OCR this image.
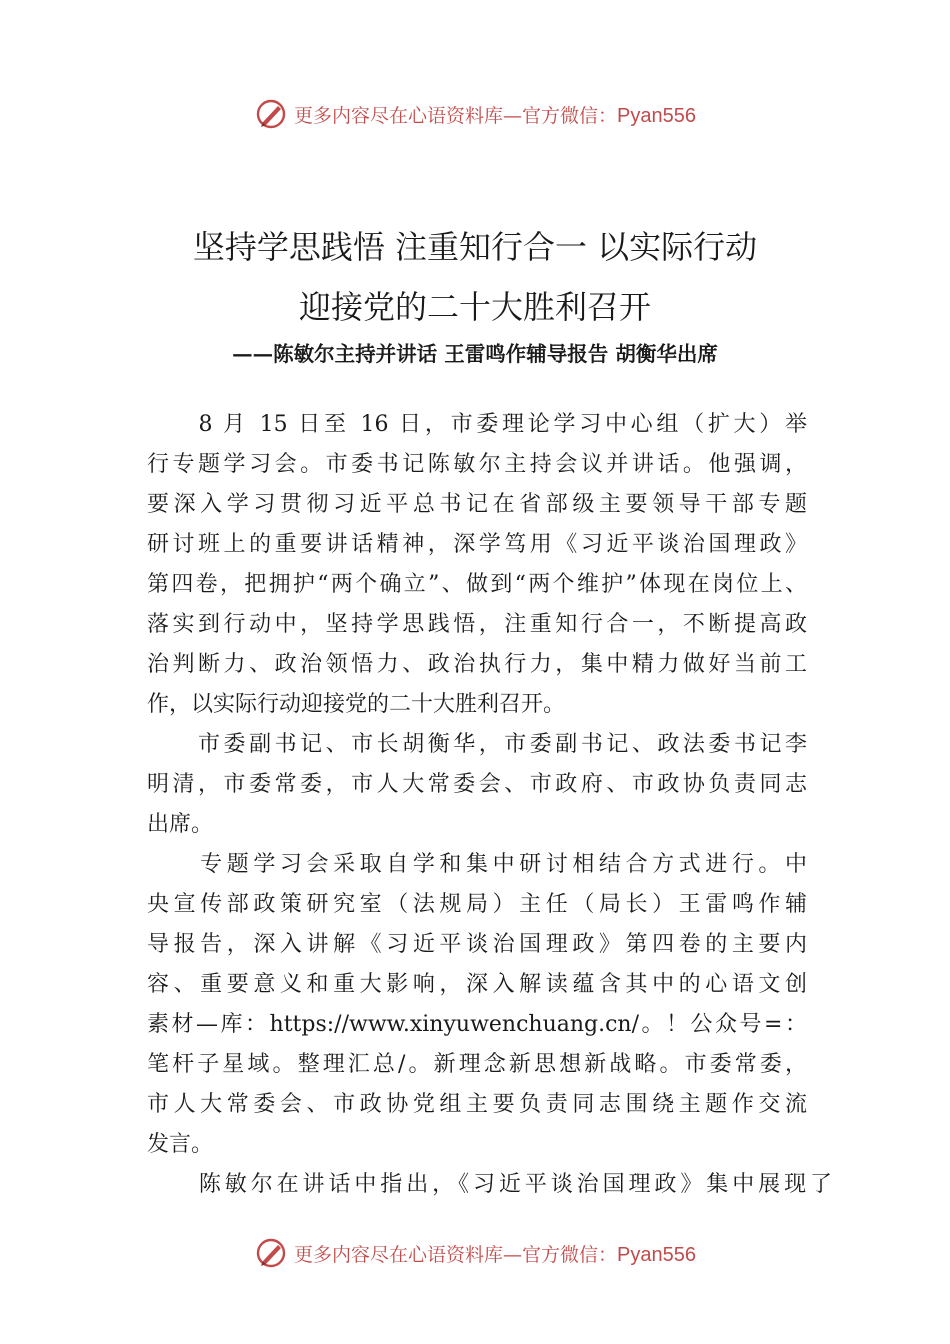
更多内容尽在心语资料库—官方微信：Pyan556
坚持学思践悟 注重知行合一 以实际行动
迎接党的二十大胜利召开
——陈敏尔主持并讲话 王雷鸣作辅导报告 胡衡华出席
　　8 月 15 日至 16 日，市委理论学习中心组（扩大）举
行专题学习会。市委书记陈敏尔主持会议并讲话。他强调，
要深入学习贯彻习近平总书记在省部级主要领导干部专题
研讨班上的重要讲话精神，深学笃用《习近平谈治国理政》
第四卷，把拥护“两个确立”、做到“两个维护”体现在岗位上、
落实到行动中，坚持学思践悟，注重知行合一，不断提高政
治判断力、政治领悟力、政治执行力，集中精力做好当前工
作，以实际行动迎接党的二十大胜利召开。
　　市委副书记、市长胡衡华，市委副书记、政法委书记李
明清，市委常委，市人大常委会、市政府、市政协负责同志
出席。
　　专题学习会采取自学和集中研讨相结合方式进行。中
央宣传部政策研究室（法规局）主任（局长）王雷鸣作辅
导报告，深入讲解《习近平谈治国理政》第四卷的主要内
容、重要意义和重大影响，深入解读蕴含其中的心语文创
素材—库：https://www.xinyuwenchuang.cn/。！公众号=：
笔杆子星域。整理汇总/。新理念新思想新战略。市委常委，
市人大常委会、市政协党组主要负责同志围绕主题作交流
发言。
　　陈敏尔在讲话中指出，《习近平谈治国理政》集中展现了
更多内容尽在心语资料库—官方微信：Pyan556
